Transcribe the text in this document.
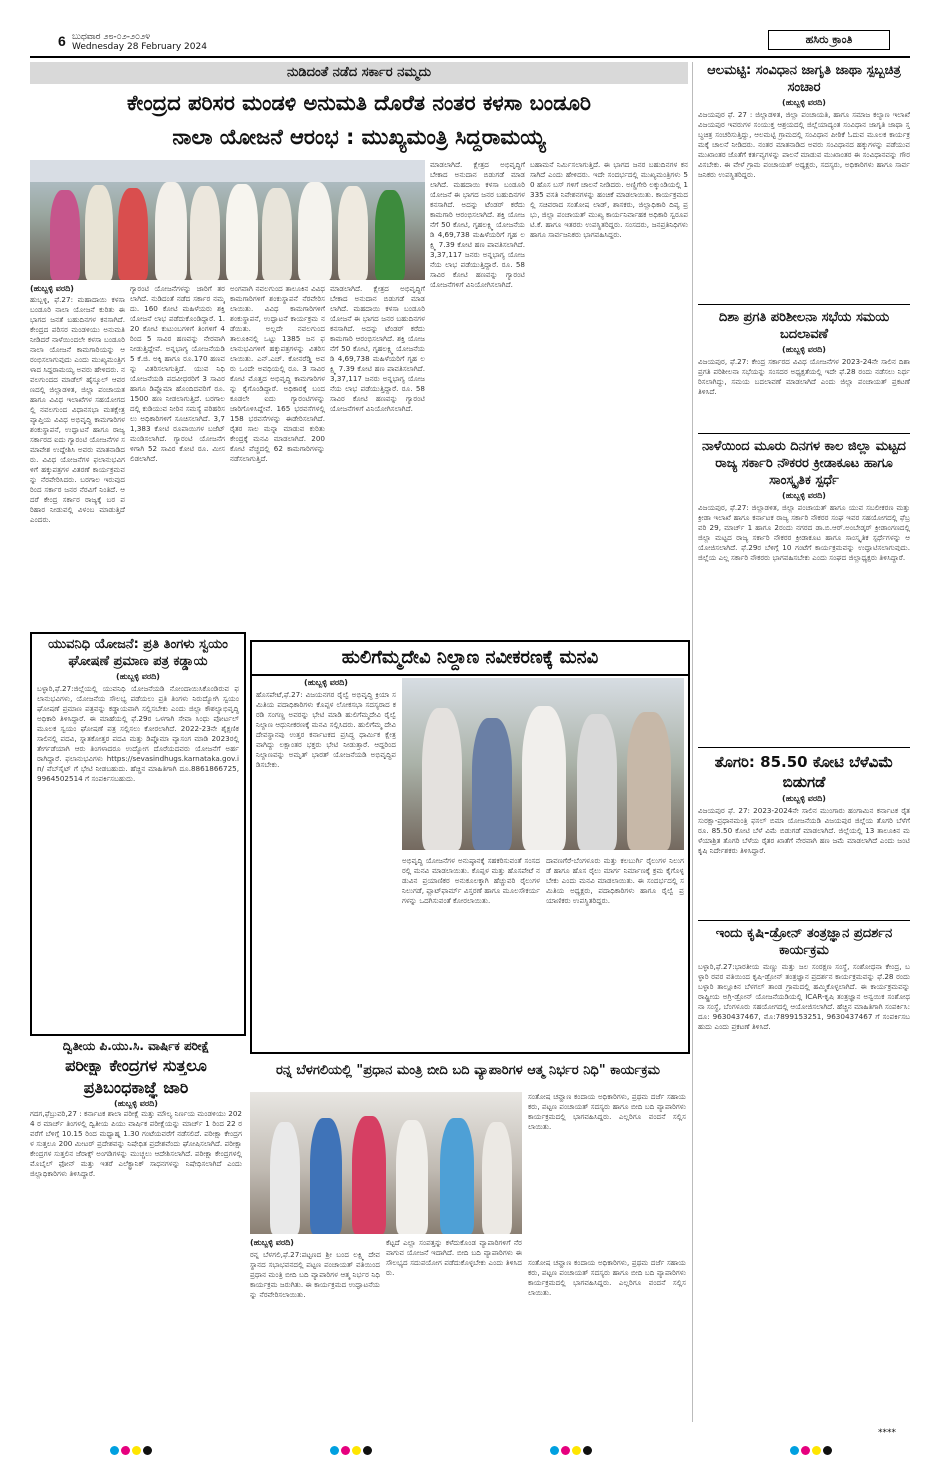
6 ಬುಧವಾರ ೨೮-೦೨-೨೦೨೪
Wednesday 28 February 2024
ಹಸಿರು ಕ್ರಾಂತಿ
ನುಡಿದಂತೆ ನಡೆದ ಸರ್ಕಾರ ನಮ್ಮದು
ಕೇಂದ್ರದ ಪರಿಸರ ಮಂಡಳಿ ಅನುಮತಿ ದೊರೆತ ನಂತರ ಕಳಸಾ ಬಂಡೂರಿ
ನಾಲಾ ಯೋಜನೆ ಆರಂಭ : ಮುಖ್ಯಮಂತ್ರಿ ಸಿದ್ದರಾಮಯ್ಯ
(ಹುಬ್ಬಳ್ಳಿ ವರದಿ)
ಹುಬ್ಬಳ್ಳಿ, ಫೆ.27: ಮಹಾದಾಯಿ ಕಳಸಾ ಬಂಡೂರಿ ನಾಲಾ ಯೋಜನೆ ಕುರಿತು ಈ ಭಾಗದ ಜನತೆ ಬಹುದಿನಗಳ ಕನಸಾಗಿದೆ. ಕೇಂದ್ರದ ಪರಿಸರ ಮಂಡಳಿಯು ಅನುಮತಿ ನೀಡಿದರೆ ನಾಳೆಯಿಂದಲೇ ಕಳಸಾ ಬಂಡೂರಿ ನಾಲಾ ಯೋಜನೆ ಕಾಮಗಾರಿಯನ್ನು ಆರಂಭಿಸಲಾಗುವುದು ಎಂದು ಮುಖ್ಯಮಂತ್ರಿಗಳಾದ ಸಿದ್ದರಾಮಯ್ಯ ಅವರು ಹೇಳಿದರು. ನವಲಗುಂದದ ಮಾಡೆಲ್ ಹೈಸ್ಕೂಲ್ ಆವರಣದಲ್ಲಿ ಜಿಲ್ಲಾಡಳಿತ, ಜಿಲ್ಲಾ ಪಂಚಾಯತ ಹಾಗೂ ವಿವಿಧ ಇಲಾಖೆಗಳ ಸಹಯೋಗದಲ್ಲಿ ನವಲಗುಂದ ವಿಧಾನಸಭಾ ಮತಕ್ಷೇತ್ರ ವ್ಯಾಪ್ತಿಯ ವಿವಿಧ ಅಭಿವೃದ್ಧಿ ಕಾಮಗಾರಿಗಳ ಶಂಕುಸ್ಥಾಪನೆ, ಉದ್ಘಾಟನೆ ಹಾಗೂ ರಾಜ್ಯ ಸರ್ಕಾರದ ಐದು ಗ್ಯಾರಂಟಿ ಯೋಜನೆಗಳ ಸಮಾವೇಶ ಉದ್ದೇಶಿಸಿ ಅವರು ಮಾತನಾಡಿದರು. ವಿವಿಧ ಯೋಜನೆಗಳ ಫಲಾನುಭವಿಗಳಿಗೆ ಹಕ್ಕುಪತ್ರಗಳ ವಿತರಣೆ ಕಾರ್ಯಕ್ರಮವನ್ನು ನೆರವೇರಿಸಿದರು. ಬರಗಾಲ ಇರುವುದರಿಂದ ಸರ್ಕಾರ ಜನರ ನೆರವಿಗೆ ನಿಂತಿದೆ. ಆದರೆ ಕೇಂದ್ರ ಸರ್ಕಾರ ರಾಜ್ಯಕ್ಕೆ ಬರ ಪರಿಹಾರ ನೀಡುವಲ್ಲಿ ವಿಳಂಬ ಮಾಡುತ್ತಿದೆ ಎಂದರು.
ಗ್ಯಾರಂಟಿ ಯೋಜನೆಗಳನ್ನು ಜಾರಿಗೆ ತರಲಾಗಿದೆ. ನುಡಿದಂತೆ ನಡೆದ ಸರ್ಕಾರ ನಮ್ಮದು. 160 ಕೋಟಿ ಮಹಿಳೆಯರು ಶಕ್ತಿ ಯೋಜನೆ ಲಾಭ ಪಡೆದುಕೊಂಡಿದ್ದಾರೆ. 1.20 ಕೋಟಿ ಕುಟುಂಬಗಳಿಗೆ ತಿಂಗಳಿಗೆ 4 ರಿಂದ 5 ಸಾವಿರ ಹಣವನ್ನು ನೇರವಾಗಿ ನೀಡುತ್ತಿದ್ದೇವೆ. ಅನ್ನಭಾಗ್ಯ ಯೋಜನೆಯಡಿ 5 ಕೆ.ಜಿ. ಅಕ್ಕಿ ಹಾಗೂ ರೂ.170 ಹಣವನ್ನು ವಿತರಿಸಲಾಗುತ್ತಿದೆ. ಯುವ ನಿಧಿ ಯೋಜನೆಯಡಿ ಪದವೀಧರರಿಗೆ 3 ಸಾವಿರ ಹಾಗೂ ಡಿಪ್ಲೊಮಾ ಹೊಂದಿದವರಿಗೆ ರೂ. 1500 ಹಣ ನೀಡಲಾಗುತ್ತಿದೆ. ಬರಗಾಲದಲ್ಲಿ ಕುಡಿಯುವ ನೀರಿನ ಸಮಸ್ಯೆ ಪರಿಹರಿಸಲು ಅಧಿಕಾರಿಗಳಿಗೆ ಸೂಚಿಸಲಾಗಿದೆ. 3,71,383 ಕೋಟಿ ರೂಪಾಯಿಗಳ ಬಜೆಟ್ ಮಂಡಿಸಲಾಗಿದೆ. ಗ್ಯಾರಂಟಿ ಯೋಜನೆಗಳಿಗಾಗಿ 52 ಸಾವಿರ ಕೋಟಿ ರೂ. ಮೀಸಲಿಡಲಾಗಿದೆ.
ಅಂಗವಾಗಿ ನವಲಗುಂದ ತಾಲೂಕಿನ ವಿವಿಧ ಕಾಮಗಾರಿಗಳಿಗೆ ಶಂಕುಸ್ಥಾಪನೆ ನೆರವೇರಿಸಲಾಯಿತು. ವಿವಿಧ ಕಾಮಗಾರಿಗಳಿಗೆ ಶಂಕುಸ್ಥಾಪನೆ, ಉದ್ಘಾಟನೆ ಕಾರ್ಯಕ್ರಮ ನಡೆಯಿತು. ಅಲ್ಲದೇ ನವಲಗುಂದ ತಾಲೂಕಿನಲ್ಲಿ ಒಟ್ಟು 1385 ಜನ ಫಲಾನುಭವಿಗಳಿಗೆ ಹಕ್ಕುಪತ್ರಗಳನ್ನು ವಿತರಿಸಲಾಯಿತು. ಎನ್.ಎಚ್. ಕೋನರೆಡ್ಡಿ ಅವರು ಒಂದೇ ಅವಧಿಯಲ್ಲಿ ರೂ. 3 ಸಾವಿರ ಕೋಟಿ ಮೊತ್ತದ ಅಭಿವೃದ್ಧಿ ಕಾಮಗಾರಿಗಳನ್ನು ಕೈಗೊಂಡಿದ್ದಾರೆ. ಅಧಿಕಾರಕ್ಕೆ ಬಂದ ಕೂಡಲೇ ಐದು ಗ್ಯಾರಂಟಿಗಳನ್ನು ಜಾರಿಗೊಳಿಸಿದ್ದೇವೆ. 165 ಭರವಸೆಗಳಲ್ಲಿ 158 ಭರವಸೆಗಳನ್ನು ಈಡೇರಿಸಲಾಗಿದೆ. ರೈತರ ಸಾಲ ಮನ್ನಾ ಮಾಡುವ ಕುರಿತು ಕೇಂದ್ರಕ್ಕೆ ಮನವಿ ಮಾಡಲಾಗಿದೆ. 200 ಕೋಟಿ ವೆಚ್ಚದಲ್ಲಿ 62 ಕಾಮಗಾರಿಗಳನ್ನು ನಡೆಸಲಾಗುತ್ತಿದೆ.
ಮಾಡಲಾಗಿದೆ. ಕ್ಷೇತ್ರದ ಅಭಿವೃದ್ಧಿಗೆ ಬೇಕಾದ ಅನುದಾನ ಬಿಡುಗಡೆ ಮಾಡಲಾಗಿದೆ. ಮಹದಾಯಿ ಕಳಸಾ ಬಂಡೂರಿ ಯೋಜನೆ ಈ ಭಾಗದ ಜನರ ಬಹುದಿನಗಳ ಕನಸಾಗಿದೆ. ಅದನ್ನು ಟೆಂಡರ್ ಕರೆದು ಕಾಮಗಾರಿ ಆರಂಭಿಸಲಾಗಿದೆ. ಶಕ್ತಿ ಯೋಜನೆಗೆ 50 ಕೋಟಿ, ಗೃಹಲಕ್ಷ್ಮಿ ಯೋಜನೆಯಡಿ 4,69,738 ಮಹಿಳೆಯರಿಗೆ ಗೃಹ ಲಕ್ಷ್ಮಿ 7.39 ಕೋಟಿ ಹಣ ಪಾವತಿಸಲಾಗಿದೆ. 3,37,117 ಜನರು ಅನ್ನಭಾಗ್ಯ ಯೋಜನೆಯ ಲಾಭ ಪಡೆಯುತ್ತಿದ್ದಾರೆ. ರೂ. 58 ಸಾವಿರ ಕೋಟಿ ಹಣವನ್ನು ಗ್ಯಾರಂಟಿ ಯೋಜನೆಗಳಿಗೆ ವಿನಿಯೋಗಿಸಲಾಗಿದೆ.
ಮಾಡಲಾಗಿದೆ. ಕ್ಷೇತ್ರದ ಅಭಿವೃದ್ಧಿಗೆ ಬೇಕಾದ ಅನುದಾನ ಬಿಡುಗಡೆ ಮಾಡಲಾಗಿದೆ. ಮಹದಾಯಿ ಕಳಸಾ ಬಂಡೂರಿ ಯೋಜನೆ ಈ ಭಾಗದ ಜನರ ಬಹುದಿನಗಳ ಕನಸಾಗಿದೆ. ಅದನ್ನು ಟೆಂಡರ್ ಕರೆದು ಕಾಮಗಾರಿ ಆರಂಭಿಸಲಾಗಿದೆ. ಶಕ್ತಿ ಯೋಜನೆಗೆ 50 ಕೋಟಿ, ಗೃಹಲಕ್ಷ್ಮಿ ಯೋಜನೆಯಡಿ 4,69,738 ಮಹಿಳೆಯರಿಗೆ ಗೃಹ ಲಕ್ಷ್ಮಿ 7.39 ಕೋಟಿ ಹಣ ಪಾವತಿಸಲಾಗಿದೆ. 3,37,117 ಜನರು ಅನ್ನಭಾಗ್ಯ ಯೋಜನೆಯ ಲಾಭ ಪಡೆಯುತ್ತಿದ್ದಾರೆ. ರೂ. 58 ಸಾವಿರ ಕೋಟಿ ಹಣವನ್ನು ಗ್ಯಾರಂಟಿ ಯೋಜನೆಗಳಿಗೆ ವಿನಿಯೋಗಿಸಲಾಗಿದೆ.
ಬಹಾಮನೆ ನಿರ್ಮಿಸಲಾಗುತ್ತಿದೆ. ಈ ಭಾಗದ ಜನರ ಬಹುದಿನಗಳ ಕನಸಾಗಿದೆ ಎಂದು ಹೇಳಿದರು. ಇದೇ ಸಂದರ್ಭದಲ್ಲಿ ಮುಖ್ಯಮಂತ್ರಿಗಳು 50 ಹೊಸ ಬಸ್ ಗಳಿಗೆ ಚಾಲನೆ ನೀಡಿದರು. ಅಣ್ಣಿಗೇರಿ ಲಕ್ಕುಂಡಿಯಲ್ಲಿ 1335 ವಸತಿ ನಿವೇಶನಗಳನ್ನು ಹಂಚಿಕೆ ಮಾಡಲಾಯಿತು. ಕಾರ್ಯಕ್ರಮದಲ್ಲಿ ಸಚಿವರಾದ ಸಂತೋಷ ಲಾಡ್, ಶಾಸಕರು, ಜಿಲ್ಲಾಧಿಕಾರಿ ದಿವ್ಯ ಪ್ರಭು, ಜಿಲ್ಲಾ ಪಂಚಾಯತ್ ಮುಖ್ಯ ಕಾರ್ಯನಿರ್ವಾಹಕ ಅಧಿಕಾರಿ ಸ್ವರೂಪ ಟಿ.ಕೆ. ಹಾಗೂ ಇತರರು ಉಪಸ್ಥಿತರಿದ್ದರು. ಸಂಸದರು, ಜನಪ್ರತಿನಿಧಿಗಳು ಹಾಗೂ ಸಾರ್ವಜನಿಕರು ಭಾಗವಹಿಸಿದ್ದರು.
ಆಲಮಟ್ಟಿ: ಸಂವಿಧಾನ ಜಾಗೃತಿ ಜಾಥಾ ಸ್ಪಬ್ಬಚಿತ್ರ ಸಂಚಾರ
(ಹುಬ್ಬಳ್ಳಿ ವರದಿ)
ವಿಜಯಪುರ ಫೆ. 27 : ಜಿಲ್ಲಾಡಳಿತ, ಜಿಲ್ಲಾ ಪಂಚಾಯತಿ, ಹಾಗೂ ಸಮಾಜ ಕಲ್ಯಾಣ ಇಲಾಖೆ ವಿಜಯಪುರ ಇವರುಗಳ ಸಂಯುಕ್ತ ಆಶ್ರಯದಲ್ಲಿ ಜಿಲ್ಲೆಯಾದ್ಯಂತ ಸಂವಿಧಾನ ಜಾಗೃತಿ ಜಾಥಾ ಸ್ತಬ್ಧಚಿತ್ರ ಸಂಚರಿಸುತ್ತಿದ್ದು, ಆಲಮಟ್ಟಿ ಗ್ರಾಮದಲ್ಲಿ ಸಂವಿಧಾನ ಪೀಠಿಕೆ ಓದುವ ಮೂಲಕ ಕಾರ್ಯಕ್ರಮಕ್ಕೆ ಚಾಲನೆ ನೀಡಿದರು. ನಂತರ ಮಾತನಾಡಿದ ಅವರು ಸಂವಿಧಾನದ ಹಕ್ಕುಗಳನ್ನು ಪಡೆಯುವ ಮುಖಾಂತರ ಜೊತೆಗೆ ಕರ್ತವ್ಯಗಳನ್ನು ಪಾಲನೆ ಮಾಡುವ ಮುಖಾಂತರ ಈ ಸಂವಿಧಾನವನ್ನು ಗೌರವಿಸಬೇಕು. ಈ ವೇಳೆ ಗ್ರಾಮ ಪಂಚಾಯತ್ ಅಧ್ಯಕ್ಷರು, ಸದಸ್ಯರು, ಅಧಿಕಾರಿಗಳು ಹಾಗೂ ಸಾರ್ವಜನಿಕರು ಉಪಸ್ಥಿತರಿದ್ದರು.
ದಿಶಾ ಪ್ರಗತಿ ಪರಿಶೀಲನಾ ಸಭೆಯ ಸಮಯ ಬದಲಾವಣೆ
(ಹುಬ್ಬಳ್ಳಿ ವರದಿ)
ವಿಜಯಪುರ, ಫೆ.27: ಕೇಂದ್ರ ಸರ್ಕಾರದ ವಿವಿಧ ಯೋಜನೆಗಳ 2023-24ನೇ ಸಾಲಿನ ದಿಶಾ ಪ್ರಗತಿ ಪರಿಶೀಲನಾ ಸಭೆಯನ್ನು ಸಂಸದರ ಅಧ್ಯಕ್ಷತೆಯಲ್ಲಿ ಇದೇ ಫೆ.28 ರಂದು ನಡೆಸಲು ನಿರ್ಧರಿಸಲಾಗಿದ್ದು, ಸಮಯ ಬದಲಾವಣೆ ಮಾಡಲಾಗಿದೆ ಎಂದು ಜಿಲ್ಲಾ ಪಂಚಾಯತ್ ಪ್ರಕಟಣೆ ತಿಳಿಸಿದೆ.
ನಾಳೆಯಿಂದ ಮೂರು ದಿನಗಳ ಕಾಲ ಜಿಲ್ಲಾ ಮಟ್ಟದ ರಾಜ್ಯ ಸರ್ಕಾರಿ ನೌಕರರ ಕ್ರೀಡಾಕೂಟ ಹಾಗೂ ಸಾಂಸ್ಕೃತಿಕ ಸ್ಪರ್ಧೆ
(ಹುಬ್ಬಳ್ಳಿ ವರದಿ)
ವಿಜಯಪುರ, ಫೆ.27: ಜಿಲ್ಲಾಡಳಿತ, ಜಿಲ್ಲಾ ಪಂಚಾಯತ್ ಹಾಗೂ ಯುವ ಸಬಲೀಕರಣ ಮತ್ತು ಕ್ರೀಡಾ ಇಲಾಖೆ ಹಾಗೂ ಕರ್ನಾಟಕ ರಾಜ್ಯ ಸರ್ಕಾರಿ ನೌಕರರ ಸಂಘ ಇವರ ಸಹಯೋಗದಲ್ಲಿ ಫೆಬ್ರವರಿ 29, ಮಾರ್ಚ್ 1 ಹಾಗೂ 2ರಂದು ನಗರದ ಡಾ.ಬಿ.ಆರ್.ಅಂಬೇಡ್ಕರ್ ಕ್ರೀಡಾಂಗಣದಲ್ಲಿ ಜಿಲ್ಲಾ ಮಟ್ಟದ ರಾಜ್ಯ ಸರ್ಕಾರಿ ನೌಕರರ ಕ್ರೀಡಾಕೂಟ ಹಾಗೂ ಸಾಂಸ್ಕೃತಿಕ ಸ್ಪರ್ಧೆಗಳನ್ನು ಆಯೋಜಿಸಲಾಗಿದೆ. ಫೆ.29ರ ಬೆಳಿಗ್ಗೆ 10 ಗಂಟೆಗೆ ಕಾರ್ಯಕ್ರಮವನ್ನು ಉದ್ಘಾಟಿಸಲಾಗುವುದು. ಜಿಲ್ಲೆಯ ಎಲ್ಲ ಸರ್ಕಾರಿ ನೌಕರರು ಭಾಗವಹಿಸಬೇಕು ಎಂದು ಸಂಘದ ಜಿಲ್ಲಾಧ್ಯಕ್ಷರು ತಿಳಿಸಿದ್ದಾರೆ.
ತೊಗರಿ: 85.50 ಕೋಟಿ ಬೆಳೆವಿಮೆ ಬಿಡುಗಡೆ
(ಹುಬ್ಬಳ್ಳಿ ವರದಿ)
ವಿಜಯಪುರ ಫೆ. 27: 2023-2024ನೇ ಸಾಲಿನ ಮುಂಗಾರು ಹಂಗಾಮಿನ ಕರ್ನಾಟಕ ರೈತ ಸುರಕ್ಷಾ-ಪ್ರಧಾನಮಂತ್ರಿ ಫಸಲ್ ಬಿಮಾ ಯೋಜನೆಯಡಿ ವಿಜಯಪುರ ಜಿಲ್ಲೆಯ ತೊಗರಿ ಬೆಳೆಗೆ ರೂ. 85.50 ಕೋಟಿ ಬೆಳೆ ವಿಮೆ ಬಿಡುಗಡೆ ಮಾಡಲಾಗಿದೆ. ಜಿಲ್ಲೆಯಲ್ಲಿ 13 ತಾಲೂಕಿನ ಮಳೆಯಾಶ್ರಿತ ತೊಗರಿ ಬೆಳೆಯ ರೈತರ ಖಾತೆಗೆ ನೇರವಾಗಿ ಹಣ ಜಮೆ ಮಾಡಲಾಗಿದೆ ಎಂದು ಜಂಟಿ ಕೃಷಿ ನಿರ್ದೇಶಕರು ತಿಳಿಸಿದ್ದಾರೆ.
ಇಂದು ಕೃಷಿ-ಡ್ರೋನ್ ತಂತ್ರಜ್ಞಾನ ಪ್ರದರ್ಶನ ಕಾರ್ಯಕ್ರಮ
ಬಳ್ಳಾರಿ,ಫೆ.27:ಭಾರತೀಯ ಮಣ್ಣು ಮತ್ತು ಜಲ ಸಂರಕ್ಷಣ ಸಂಸ್ಥೆ, ಸಂಶೋಧನಾ ಕೇಂದ್ರ, ಬಳ್ಳಾರಿ ರವರ ವತಿಯಿಂದ ಕೃಷಿ-ಡ್ರೋನ್ ತಂತ್ರಜ್ಞಾನ ಪ್ರದರ್ಶನ ಕಾರ್ಯಕ್ರಮವನ್ನು ಫೆ.28 ರಂದು ಬಳ್ಳಾರಿ ತಾಲ್ಲೂಕಿನ ಬೆಳಗಲ್ ತಾಂಡ ಗ್ರಾಮದಲ್ಲಿ ಹಮ್ಮಿಕೊಳ್ಳಲಾಗಿದೆ. ಈ ಕಾರ್ಯಕ್ರಮವನ್ನು ರಾಷ್ಟ್ರೀಯ ಅಗ್ರಿ-ಡ್ರೋನ್ ಯೋಜನೆಯಡಿಯಲ್ಲಿ ICAR-ಕೃಷಿ ತಂತ್ರಜ್ಞಾನ ಅನ್ವಯಿಕ ಸಂಶೋಧನಾ ಸಂಸ್ಥೆ, ಬೆಂಗಳೂರು ಸಹಯೋಗದಲ್ಲಿ ಆಯೋಜಿಸಲಾಗಿದೆ. ಹೆಚ್ಚಿನ ಮಾಹಿತಿಗಾಗಿ ಸಂಪರ್ಕಿಸಿ: ದೂ: 9630437467, ಮೊ:7899153251, 9630437467 ಗೆ ಸಂಪರ್ಕಿಸಬಹುದು ಎಂದು ಪ್ರಕಟಣೆ ತಿಳಿಸಿದೆ.
ಯುವನಿಧಿ ಯೋಜನೆ: ಪ್ರತಿ ತಿಂಗಳು ಸ್ವಯಂ ಘೋಷಣೆ ಪ್ರಮಾಣ ಪತ್ರ ಕಡ್ಡಾಯ
(ಹುಬ್ಬಳ್ಳಿ ವರದಿ)
ಬಳ್ಳಾರಿ,ಫೆ.27:ಜಿಲ್ಲೆಯಲ್ಲಿ ಯುವನಿಧಿ ಯೋಜನೆಯಡಿ ನೋಂದಾಯಿಸಿಕೊಂಡಿರುವ ಫಲಾನುಭವಿಗಳು, ಯೋಜನೆಯ ಸೌಲಭ್ಯ ಪಡೆಯಲು ಪ್ರತಿ ತಿಂಗಳು ನಿರುದ್ಯೋಗಿ ಸ್ವಯಂ ಘೋಷಣೆ ಪ್ರಮಾಣ ಪತ್ರವನ್ನು ಕಡ್ಡಾಯವಾಗಿ ಸಲ್ಲಿಸಬೇಕು ಎಂದು ಜಿಲ್ಲಾ ಕೌಶಲ್ಯಾಭಿವೃದ್ಧಿ ಅಧಿಕಾರಿ ತಿಳಿಸಿದ್ದಾರೆ. ಈ ಮಾಹೆಯಲ್ಲಿ ಫೆ.29ರ ಒಳಗಾಗಿ ಸೇವಾ ಸಿಂಧು ಪೋರ್ಟಲ್ ಮೂಲಕ ಸ್ವಯಂ ಘೋಷಣೆ ಪತ್ರ ಸಲ್ಲಿಸಲು ಕೋರಲಾಗಿದೆ. 2022-23ನೇ ಶೈಕ್ಷಣಿಕ ಸಾಲಿನಲ್ಲಿ ಪದವಿ, ಸ್ನಾತಕೋತ್ತರ ಪದವಿ ಮತ್ತು ಡಿಪ್ಲೊಮಾ ವ್ಯಾಸಂಗ ಮಾಡಿ 2023ರಲ್ಲಿ ತೇರ್ಗಡೆಯಾಗಿ ಆರು ತಿಂಗಳಾದರೂ ಉದ್ಯೋಗ ದೊರೆಯದವರು ಯೋಜನೆಗೆ ಅರ್ಹರಾಗಿದ್ದಾರೆ. ಫಲಾನುಭವಿಗಳು https://sevasindhugs.karnataka.gov.in/ ವೆಬ್‍ಸೈಟ್ ಗೆ ಭೇಟಿ ನೀಡಬಹುದು. ಹೆಚ್ಚಿನ ಮಾಹಿತಿಗಾಗಿ ದೂ.8861866725, 9964502514 ಗೆ ಸಂಪರ್ಕಿಸಬಹುದು.
ದ್ವಿತೀಯ ಪಿ.ಯು.ಸಿ. ವಾರ್ಷಿಕ ಪರೀಕ್ಷೆ
ಪರೀಕ್ಷಾ ಕೇಂದ್ರಗಳ ಸುತ್ತಲೂ ಪ್ರತಿಬಂಧಕಾಜ್ಞೆ ಜಾರಿ
(ಹುಬ್ಬಳ್ಳಿ ವರದಿ)
ಗದಗ,ಫೆಬ್ರುವರಿ,27 : ಕರ್ನಾಟಕ ಶಾಲಾ ಪರೀಕ್ಷೆ ಮತ್ತು ಮೌಲ್ಯ ನಿರ್ಣಯ ಮಂಡಳಿಯು 2024 ರ ಮಾರ್ಚ್ ತಿಂಗಳಲ್ಲಿ ದ್ವಿತೀಯ ಪಿಯು ವಾರ್ಷಿಕ ಪರೀಕ್ಷೆಯನ್ನು ಮಾರ್ಚ್ 1 ರಿಂದ 22 ರವರೆಗೆ ಬೆಳಿಗ್ಗೆ 10.15 ರಿಂದ ಮಧ್ಯಾಹ್ನ 1.30 ಗಂಟೆಯವರೆಗೆ ನಡೆಸಲಿದೆ. ಪರೀಕ್ಷಾ ಕೇಂದ್ರಗಳ ಸುತ್ತಲೂ 200 ಮೀಟರ್ ಪ್ರದೇಶವನ್ನು ನಿಷೇಧಿತ ಪ್ರದೇಶವೆಂದು ಘೋಷಿಸಲಾಗಿದೆ. ಪರೀಕ್ಷಾ ಕೇಂದ್ರಗಳ ಸುತ್ತಲಿನ ಜೆರಾಕ್ಸ್ ಅಂಗಡಿಗಳನ್ನು ಮುಚ್ಚಲು ಆದೇಶಿಸಲಾಗಿದೆ. ಪರೀಕ್ಷಾ ಕೇಂದ್ರಗಳಲ್ಲಿ ಮೊಬೈಲ್ ಫೋನ್ ಮತ್ತು ಇತರೆ ಎಲೆಕ್ಟ್ರಾನಿಕ್ ಸಾಧನಗಳನ್ನು ನಿಷೇಧಿಸಲಾಗಿದೆ ಎಂದು ಜಿಲ್ಲಾಧಿಕಾರಿಗಳು ತಿಳಿಸಿದ್ದಾರೆ.
ಹುಲಿಗೆಮ್ಮದೇವಿ ನಿಲ್ದಾಣ ನವೀಕರಣಕ್ಕೆ ಮನವಿ
(ಹುಬ್ಬಳ್ಳಿ ವರದಿ)
ಹೊಸಪೇಟೆ,ಫೆ.27: ವಿಜಯನಗರ ರೈಲ್ವೆ ಅಭಿವೃದ್ಧಿ ಕ್ರಿಯಾ ಸಮಿತಿಯ ಪದಾಧಿಕಾರಿಗಳು ಕೊಪ್ಪಳ ಲೋಕಸಭಾ ಸದಸ್ಯರಾದ ಕರಡಿ ಸಂಗಣ್ಣ ಅವರನ್ನು ಭೇಟಿ ಮಾಡಿ ಹುಲಿಗೆಮ್ಮದೇವಿ ರೈಲ್ವೆ ನಿಲ್ದಾಣ ಆಧುನೀಕರಣಕ್ಕೆ ಮನವಿ ಸಲ್ಲಿಸಿದರು. ಹುಲಿಗೆಮ್ಮ ದೇವಿ ದೇವಸ್ಥಾನವು ಉತ್ತರ ಕರ್ನಾಟಕದ ಪ್ರಸಿದ್ಧ ಧಾರ್ಮಿಕ ಕ್ಷೇತ್ರವಾಗಿದ್ದು ಲಕ್ಷಾಂತರ ಭಕ್ತರು ಭೇಟಿ ನೀಡುತ್ತಾರೆ. ಆದ್ದರಿಂದ ನಿಲ್ದಾಣವನ್ನು ಅಮೃತ್ ಭಾರತ್ ಯೋಜನೆಯಡಿ ಅಭಿವೃದ್ಧಿಪಡಿಸಬೇಕು.
ಅಭಿವೃದ್ಧಿ ಯೋಜನೆಗಳ ಅನುಷ್ಠಾನಕ್ಕೆ ಸಹಕರಿಸುವಂತೆ ಸಂಸದರಲ್ಲಿ ಮನವಿ ಮಾಡಲಾಯಿತು. ಕೊಪ್ಪಳ ಮತ್ತು ಹೊಸಪೇಟೆ ನಡುವಿನ ಪ್ರಯಾಣಿಕರ ಅನುಕೂಲಕ್ಕಾಗಿ ಹೆಚ್ಚುವರಿ ರೈಲುಗಳ ನಿಲುಗಡೆ, ಪ್ಲಾಟ್‌ಫಾರ್ಮ್ ವಿಸ್ತರಣೆ ಹಾಗೂ ಮೂಲಸೌಕರ್ಯಗಳನ್ನು ಒದಗಿಸುವಂತೆ ಕೋರಲಾಯಿತು.
ದಾವಣಗೆರೆ-ಬೆಂಗಳೂರು ಮತ್ತು ಕಲಬುರ್ಗಿ ರೈಲುಗಳ ನಿಲುಗಡೆ ಹಾಗೂ ಹೊಸ ರೈಲು ಮಾರ್ಗ ನಿರ್ಮಾಣಕ್ಕೆ ಕ್ರಮ ಕೈಗೊಳ್ಳಬೇಕು ಎಂದು ಮನವಿ ಮಾಡಲಾಯಿತು. ಈ ಸಂದರ್ಭದಲ್ಲಿ ಸಮಿತಿಯ ಅಧ್ಯಕ್ಷರು, ಪದಾಧಿಕಾರಿಗಳು ಹಾಗೂ ರೈಲ್ವೆ ಪ್ರಯಾಣಿಕರು ಉಪಸ್ಥಿತರಿದ್ದರು.
ರನ್ನ ಬೆಳಗಲಿಯಲ್ಲಿ "ಪ್ರಧಾನ ಮಂತ್ರಿ ಬೀದಿ ಬದಿ ವ್ಯಾಪಾರಿಗಳ ಆತ್ಮ ನಿರ್ಭರ ನಿಧಿ" ಕಾರ್ಯಕ್ರಮ
ಸಂತೋಷ ಚವ್ಹಾಣ ಕಂದಾಯ ಅಧಿಕಾರಿಗಳು, ಪ್ರಥಮ ದರ್ಜೆ ಸಹಾಯಕರು, ಪಟ್ಟಣ ಪಂಚಾಯತ್ ಸದಸ್ಯರು ಹಾಗೂ ಬೀದಿ ಬದಿ ವ್ಯಾಪಾರಿಗಳು ಕಾರ್ಯಕ್ರಮದಲ್ಲಿ ಭಾಗವಹಿಸಿದ್ದರು. ಎಲ್ಲರಿಗೂ ವಂದನೆ ಸಲ್ಲಿಸಲಾಯಿತು.
(ಹುಬ್ಬಳ್ಳಿ ವರದಿ)
ರನ್ನ ಬೆಳಗಲಿ,ಫೆ.27:ಪಟ್ಟಣದ ಶ್ರೀ ಬಂದ ಲಕ್ಷ್ಮಿ ದೇವಸ್ಥಾನದ ಸಭಾಭವನದಲ್ಲಿ ಪಟ್ಟಣ ಪಂಚಾಯತ್ ವತಿಯಿಂದ ಪ್ರಧಾನ ಮಂತ್ರಿ ಬೀದಿ ಬದಿ ವ್ಯಾಪಾರಿಗಳ ಆತ್ಮ ನಿರ್ಭರ ನಿಧಿ ಕಾರ್ಯಕ್ರಮ ಜರುಗಿತು. ಈ ಕಾರ್ಯಕ್ರಮದ ಉದ್ಘಾಟನೆಯನ್ನು ನೆರವೇರಿಸಲಾಯಿತು.
ಕೆಟ್ಟದೆ ಎಲ್ಲಾ ಸಂಪತ್ತನ್ನು ಕಳೆದುಕೊಂಡ ವ್ಯಾಪಾರಿಗಳಿಗೆ ನೆರವಾಗುವ ಯೋಜನೆ ಇದಾಗಿದೆ. ಬೀದಿ ಬದಿ ವ್ಯಾಪಾರಿಗಳು ಈ ಸೌಲಭ್ಯದ ಸದುಪಯೋಗ ಪಡೆದುಕೊಳ್ಳಬೇಕು ಎಂದು ತಿಳಿಸಿದರು.
ಸಂತೋಷ ಚವ್ಹಾಣ ಕಂದಾಯ ಅಧಿಕಾರಿಗಳು, ಪ್ರಥಮ ದರ್ಜೆ ಸಹಾಯಕರು, ಪಟ್ಟಣ ಪಂಚಾಯತ್ ಸದಸ್ಯರು ಹಾಗೂ ಬೀದಿ ಬದಿ ವ್ಯಾಪಾರಿಗಳು ಕಾರ್ಯಕ್ರಮದಲ್ಲಿ ಭಾಗವಹಿಸಿದ್ದರು. ಎಲ್ಲರಿಗೂ ವಂದನೆ ಸಲ್ಲಿಸಲಾಯಿತು.
****
